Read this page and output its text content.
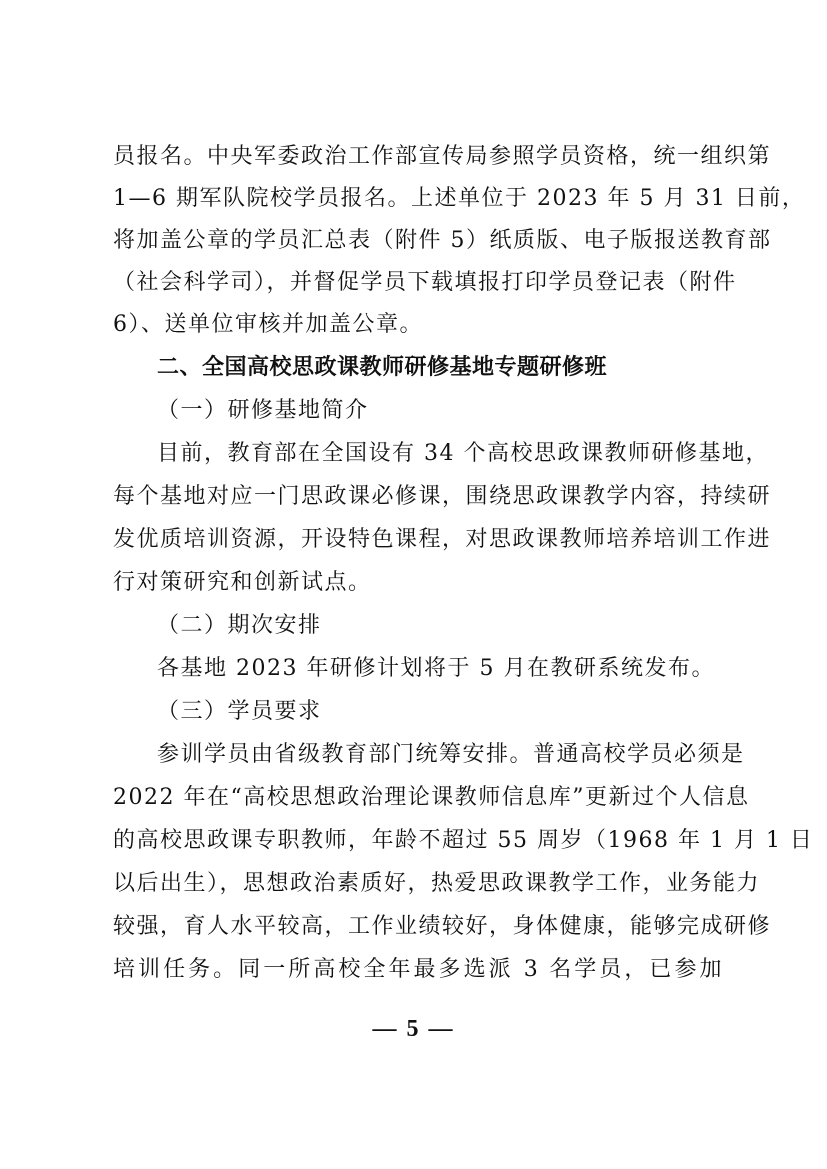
员报名。中央军委政治工作部宣传局参照学员资格，统一组织第
1—6 期军队院校学员报名。上述单位于 2023 年 5 月 31 日前，
将加盖公章的学员汇总表（附件 5）纸质版、电子版报送教育部
（社会科学司），并督促学员下载填报打印学员登记表（附件
6）、送单位审核并加盖公章。
二、全国高校思政课教师研修基地专题研修班
（一）研修基地简介
目前，教育部在全国设有 34 个高校思政课教师研修基地，
每个基地对应一门思政课必修课，围绕思政课教学内容，持续研
发优质培训资源，开设特色课程，对思政课教师培养培训工作进
行对策研究和创新试点。
（二）期次安排
各基地 2023 年研修计划将于 5 月在教研系统发布。
（三）学员要求
参训学员由省级教育部门统筹安排。普通高校学员必须是
2022 年在“高校思想政治理论课教师信息库”更新过个人信息
的高校思政课专职教师，年龄不超过 55 周岁（1968 年 1 月 1 日
以后出生），思想政治素质好，热爱思政课教学工作，业务能力
较强，育人水平较高，工作业绩较好，身体健康，能够完成研修
培训任务。同一所高校全年最多选派 3 名学员，已参加
— 5 —
